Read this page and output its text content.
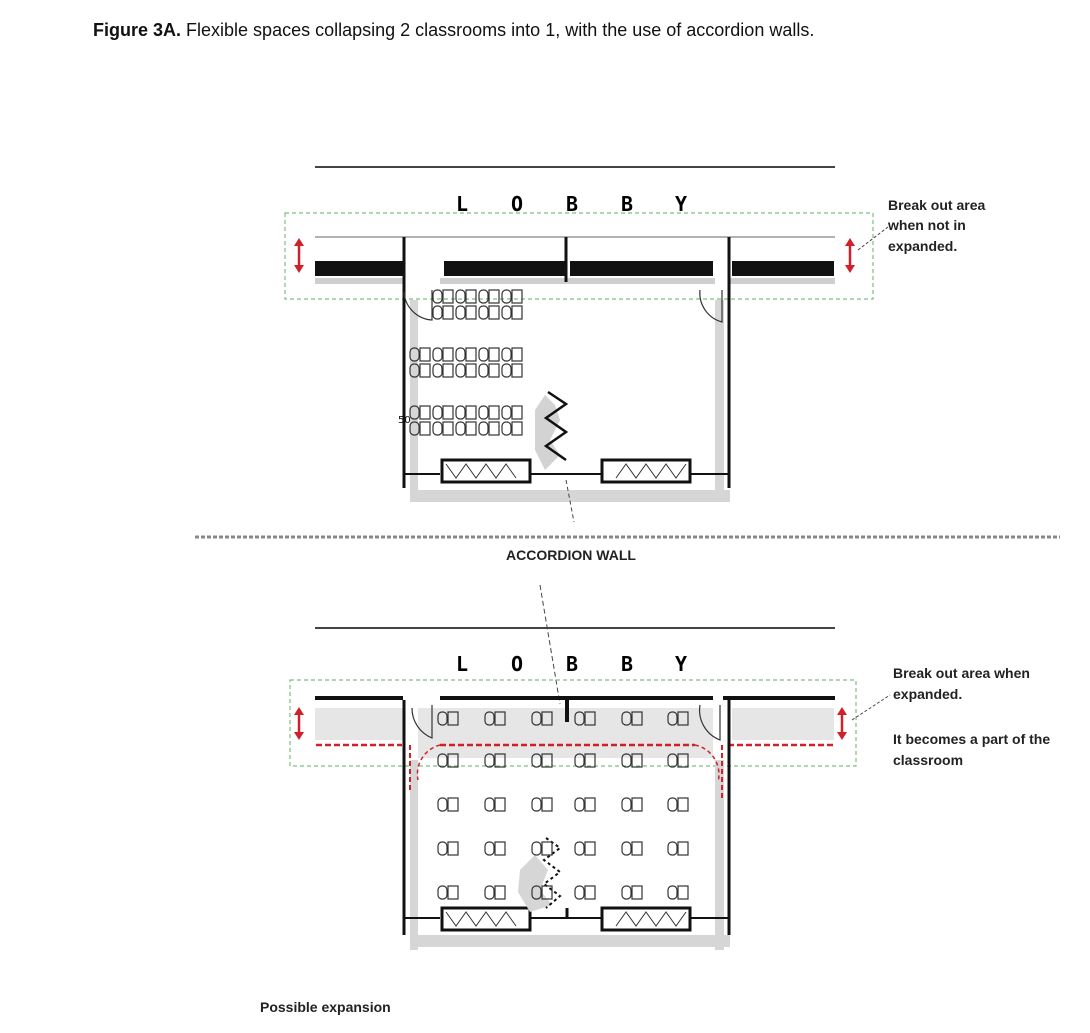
Figure 3A. Flexible spaces collapsing 2 classrooms into 1, with the use of accordion walls.
L O B B Y
50
Break out area
when not in
expanded.
ACCORDION WALL
L O B B Y	Break out area when
expanded.
It becomes a part of the
classroom
Possible expansion
